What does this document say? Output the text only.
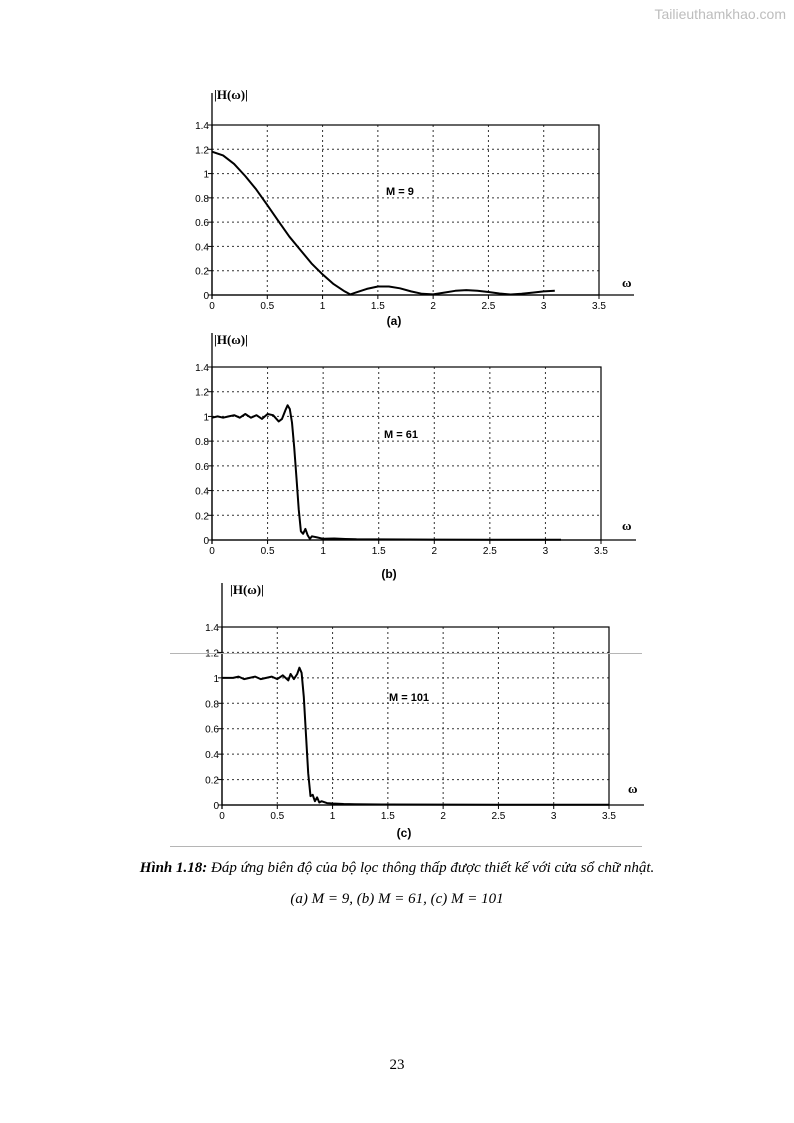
Tailieuthamkhao.com
0	0.5	1	1.5	2	2.5	3	3.5
0
0.2
0.4
0.6
0.8
1
1.2
1.4
|H(ω)|
ω
M = 9
(a)
0	0.5	1	1.5	2	2.5	3	3.5
0
0.2
0.4
0.6
0.8
1
1.2
1.4
|H(ω)|
ω
M = 61
(b)
0	0.5	1	1.5	2	2.5	3	3.5
0
0.2
0.4
0.6
0.8
1
1.2
1.4
|H(ω)|
ω
M = 101
(c)
Hình 1.18: Đáp ứng biên độ của bộ lọc thông thấp được thiết kế với cửa sổ chữ nhật.
(a) M = 9, (b) M = 61, (c) M = 101
23
